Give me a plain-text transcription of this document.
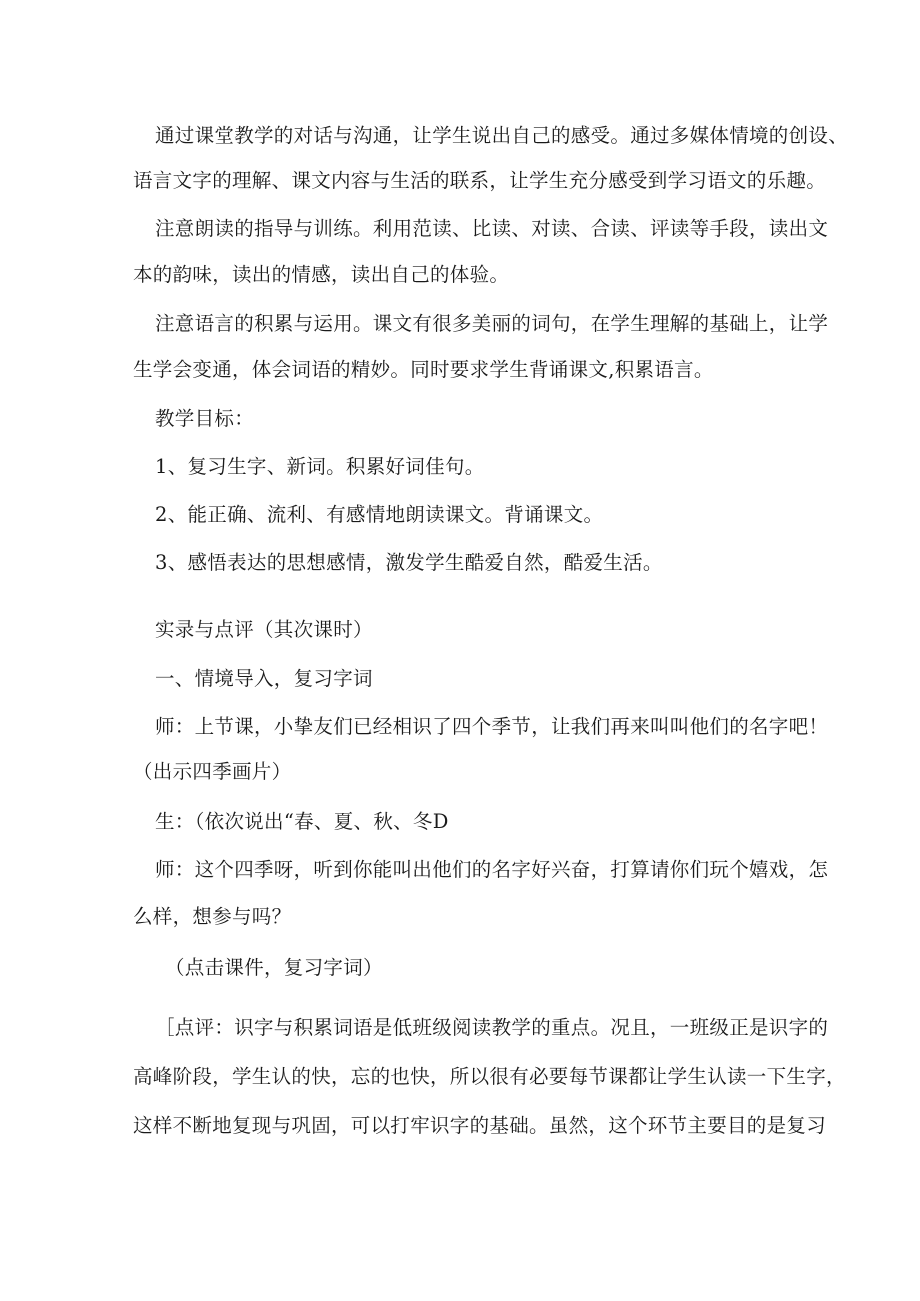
通过课堂教学的对话与沟通，让学生说出自己的感受。通过多媒体情境的创设、
语言文字的理解、课文内容与生活的联系，让学生充分感受到学习语文的乐趣。
注意朗读的指导与训练。利用范读、比读、对读、合读、评读等手段，读出文
本的韵味，读出的情感，读出自己的体验。
注意语言的积累与运用。课文有很多美丽的词句，在学生理解的基础上，让学
生学会变通，体会词语的精妙。同时要求学生背诵课文,积累语言。
教学目标：
1、复习生字、新词。积累好词佳句。
2、能正确、流利、有感情地朗读课文。背诵课文。
3、感悟表达的思想感情，激发学生酷爱自然，酷爱生活。
实录与点评（其次课时）
一、情境导入，复习字词
师：上节课，小挚友们已经相识了四个季节，让我们再来叫叫他们的名字吧！
（出示四季画片）
生：（依次说出“春、夏、秋、冬D
师：这个四季呀，听到你能叫出他们的名字好兴奋，打算请你们玩个嬉戏，怎
么样，想参与吗？
（点击课件，复习字词）
［点评：识字与积累词语是低班级阅读教学的重点。况且，一班级正是识字的
高峰阶段，学生认的快，忘的也快，所以很有必要每节课都让学生认读一下生字，
这样不断地复现与巩固，可以打牢识字的基础。虽然，这个环节主要目的是复习
